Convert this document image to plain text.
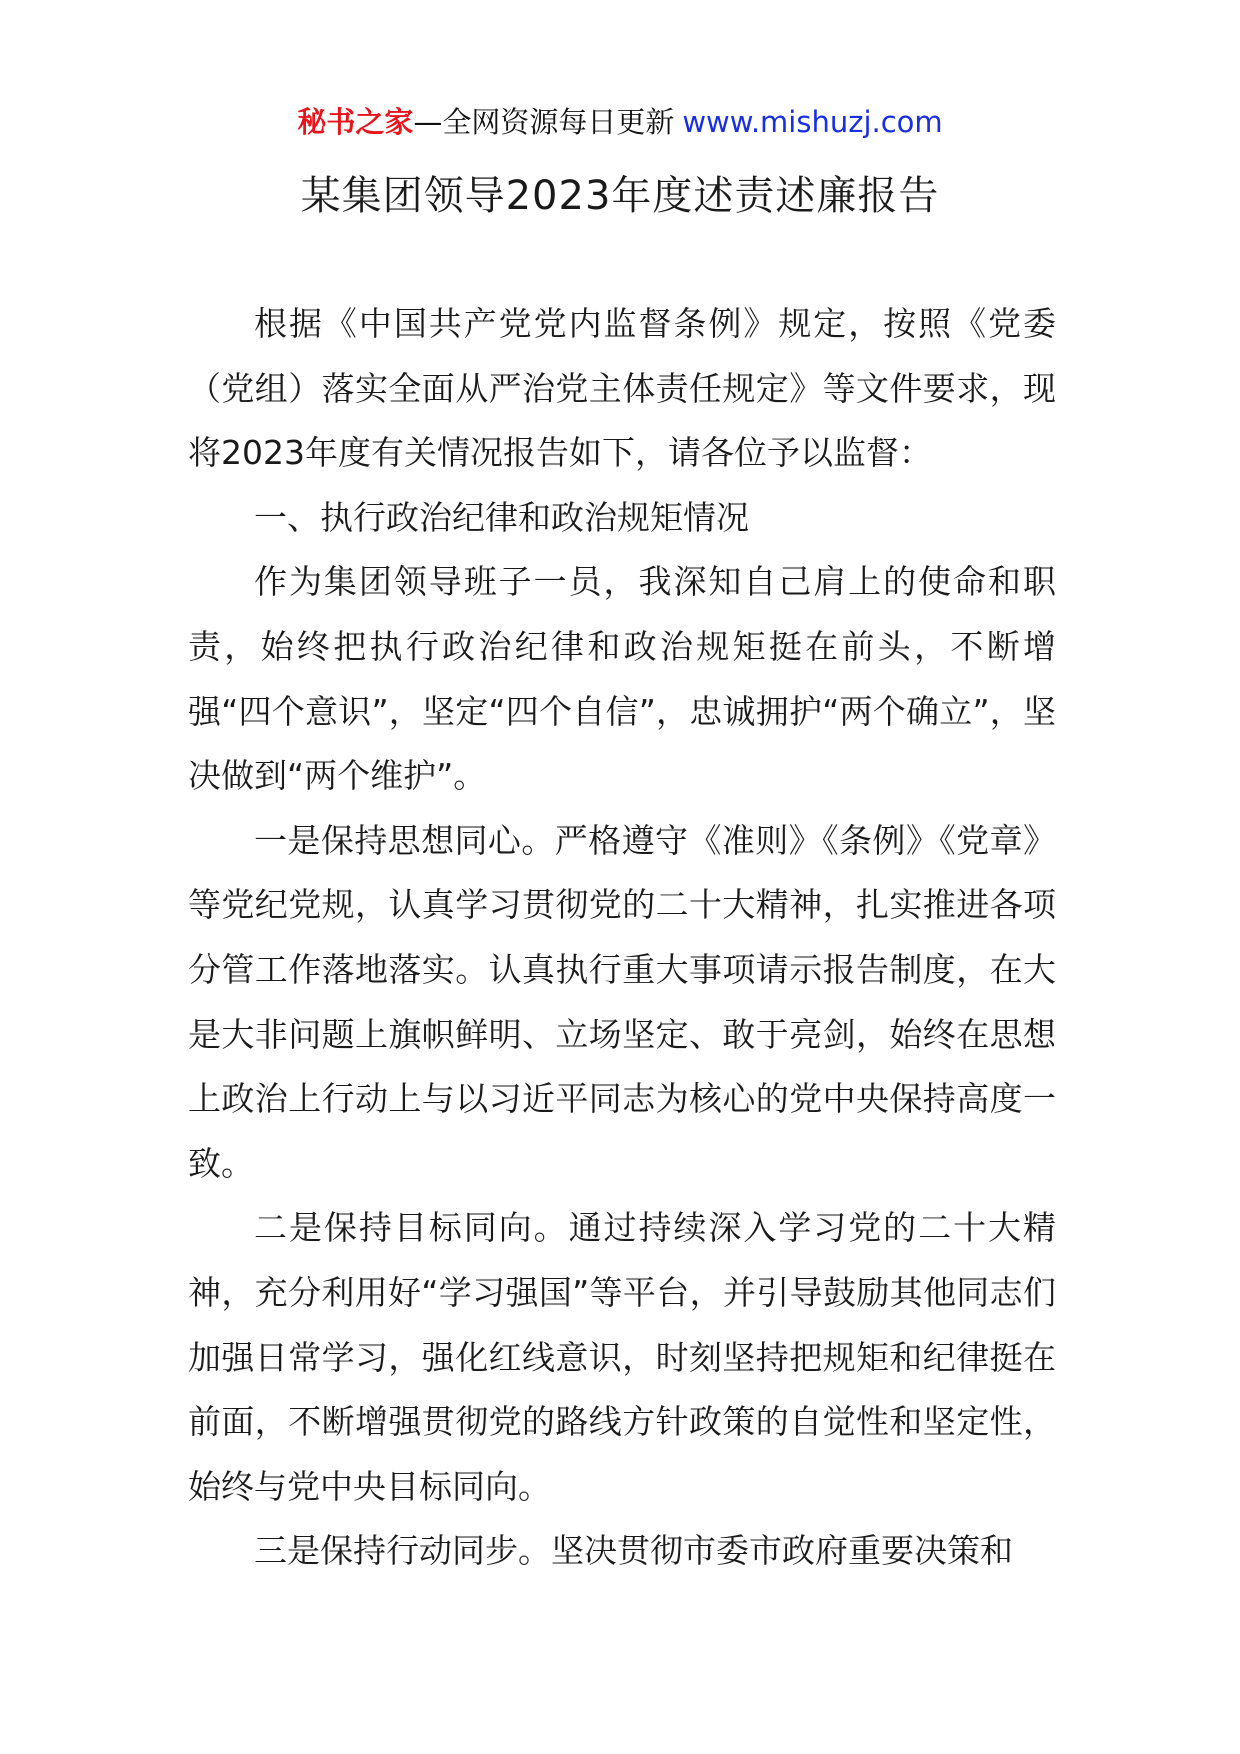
秘书之家—全网资源每日更新 www.mishuzj.com
某集团领导2023年度述责述廉报告

根据《中国共产党党内监督条例》规定，按照《党委（党组）落实全面从严治党主体责任规定》等文件要求，现将2023年度有关情况报告如下，请各位予以监督：

一、执行政治纪律和政治规矩情况

作为集团领导班子一员，我深知自己肩上的使命和职责，始终把执行政治纪律和政治规矩挺在前头，不断增强“四个意识”，坚定“四个自信”，忠诚拥护“两个确立”，坚决做到“两个维护”。

一是保持思想同心。严格遵守《准则》《条例》《党章》等党纪党规，认真学习贯彻党的二十大精神，扎实推进各项分管工作落地落实。认真执行重大事项请示报告制度，在大是大非问题上旗帜鲜明、立场坚定、敢于亮剑，始终在思想上政治上行动上与以习近平同志为核心的党中央保持高度一致。

二是保持目标同向。通过持续深入学习党的二十大精神，充分利用好“学习强国”等平台，并引导鼓励其他同志们加强日常学习，强化红线意识，时刻坚持把规矩和纪律挺在前面，不断增强贯彻党的路线方针政策的自觉性和坚定性，始终与党中央目标同向。

三是保持行动同步。坚决贯彻市委市政府重要决策和
